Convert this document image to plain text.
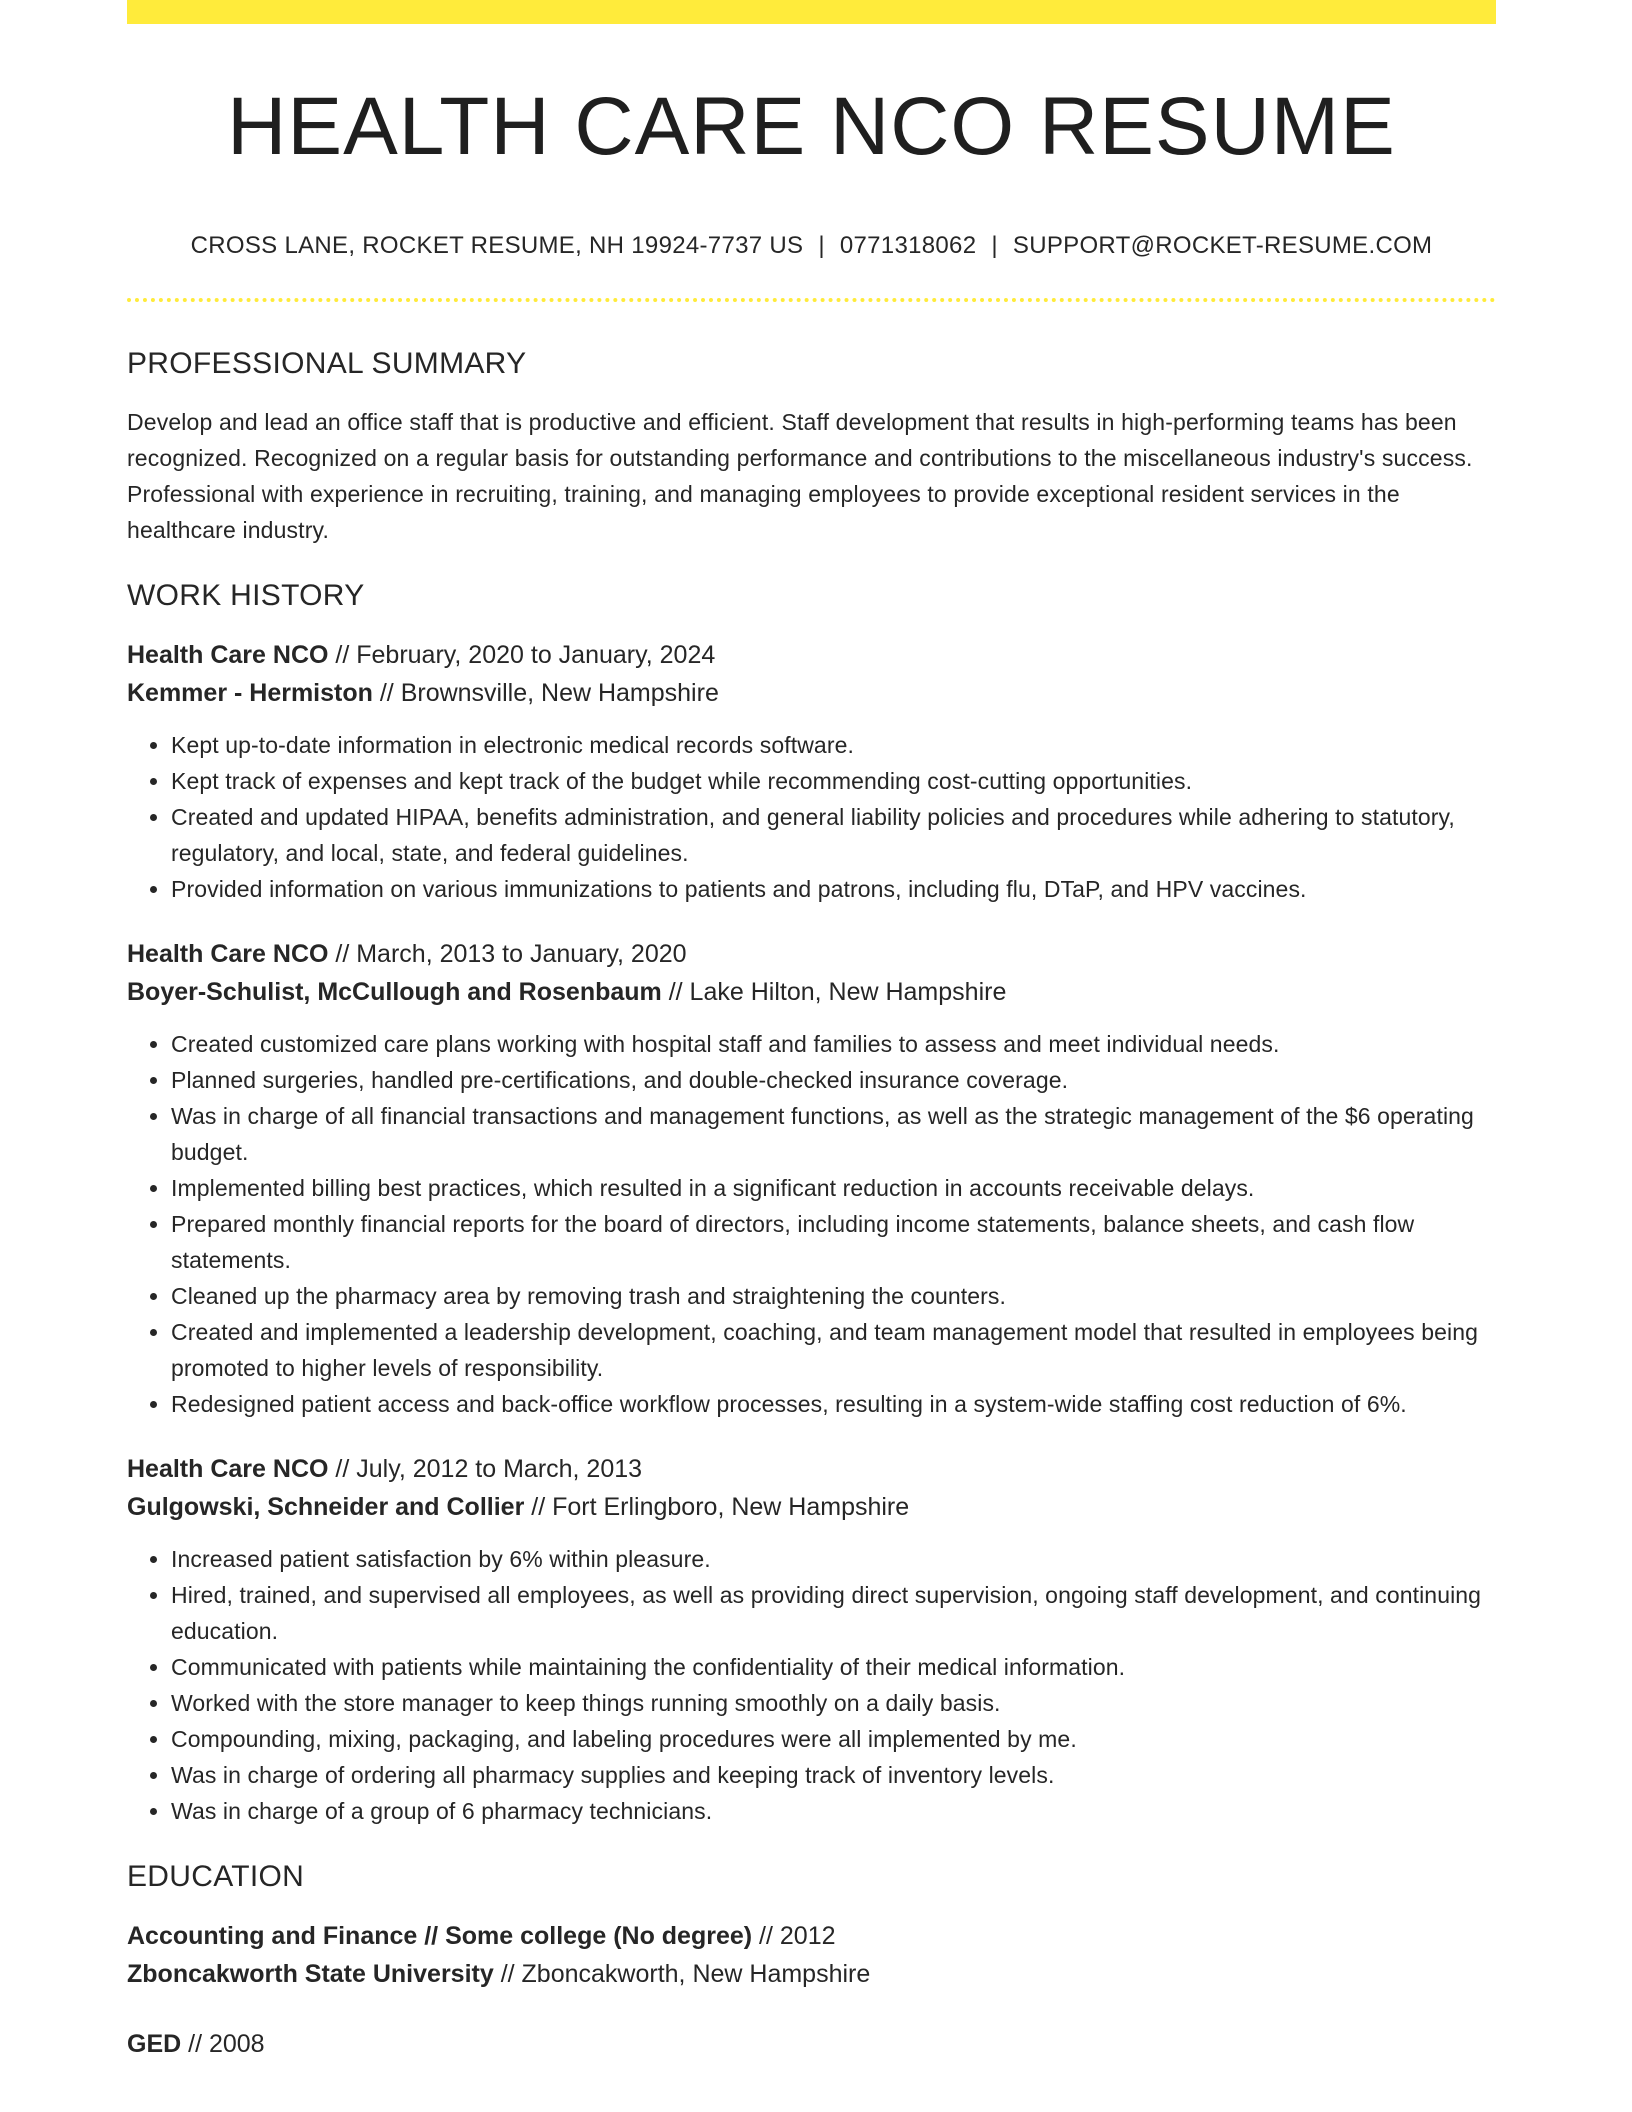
HEALTH CARE NCO RESUME
CROSS LANE, ROCKET RESUME, NH 19924-7737 US | 0771318062 | SUPPORT@ROCKET-RESUME.COM
PROFESSIONAL SUMMARY

Develop and lead an office staff that is productive and efficient. Staff development that results in high-performing teams has been recognized. Recognized on a regular basis for outstanding performance and contributions to the miscellaneous industry's success. Professional with experience in recruiting, training, and managing employees to provide exceptional resident services in the healthcare industry.

WORK HISTORY
Health Care NCO // February, 2020 to January, 2024
Kemmer - Hermiston // Brownsville, New Hampshire
• Kept up-to-date information in electronic medical records software.
• Kept track of expenses and kept track of the budget while recommending cost-cutting opportunities.
• Created and updated HIPAA, benefits administration, and general liability policies and procedures while adhering to statutory, regulatory, and local, state, and federal guidelines.
• Provided information on various immunizations to patients and patrons, including flu, DTaP, and HPV vaccines.
Health Care NCO // March, 2013 to January, 2020
Boyer-Schulist, McCullough and Rosenbaum // Lake Hilton, New Hampshire
• Created customized care plans working with hospital staff and families to assess and meet individual needs.
• Planned surgeries, handled pre-certifications, and double-checked insurance coverage.
• Was in charge of all financial transactions and management functions, as well as the strategic management of the $6 operating budget.
• Implemented billing best practices, which resulted in a significant reduction in accounts receivable delays.
• Prepared monthly financial reports for the board of directors, including income statements, balance sheets, and cash flow statements.
• Cleaned up the pharmacy area by removing trash and straightening the counters.
• Created and implemented a leadership development, coaching, and team management model that resulted in employees being promoted to higher levels of responsibility.
• Redesigned patient access and back-office workflow processes, resulting in a system-wide staffing cost reduction of 6%.
Health Care NCO // July, 2012 to March, 2013
Gulgowski, Schneider and Collier // Fort Erlingboro, New Hampshire
• Increased patient satisfaction by 6% within pleasure.
• Hired, trained, and supervised all employees, as well as providing direct supervision, ongoing staff development, and continuing education.
• Communicated with patients while maintaining the confidentiality of their medical information.
• Worked with the store manager to keep things running smoothly on a daily basis.
• Compounding, mixing, packaging, and labeling procedures were all implemented by me.
• Was in charge of ordering all pharmacy supplies and keeping track of inventory levels.
• Was in charge of a group of 6 pharmacy technicians.
EDUCATION
Accounting and Finance // Some college (No degree) // 2012
Zboncakworth State University // Zboncakworth, New Hampshire
GED // 2008
